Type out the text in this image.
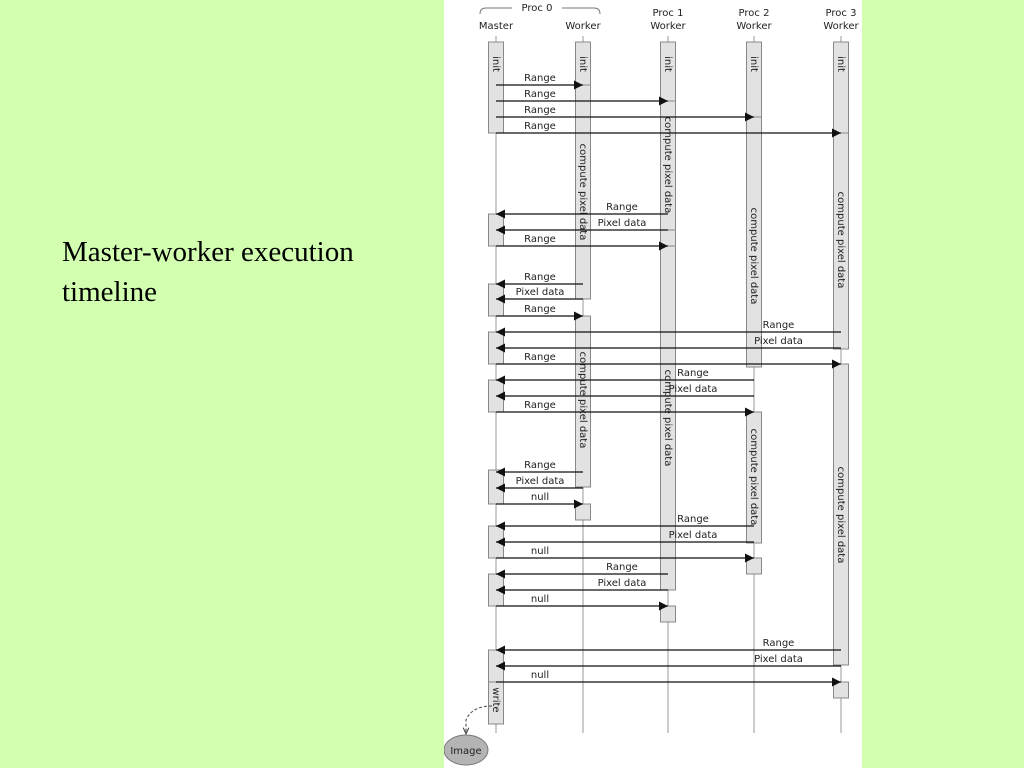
Master-worker execution timeline
Proc 0
Master	Worker
Proc 1
Worker
Proc 2
Worker
Proc 3
Worker
init	init	init	init	init
compute pixel data	compute pixel data
compute pixel data	compute pixel data
compute pixel data
compute pixel data
compute pixel data
write
compute pixel data
Range
Range
Range
Range
Range
Pixel data
Range
Range
Pixel data
Range
Range
Pixel data
Range
Range
Pixel data
Range
Range
Pixel data
null
Range
Pixel data
null
Range
Pixel data
null
Range
Pixel data
null
Image
